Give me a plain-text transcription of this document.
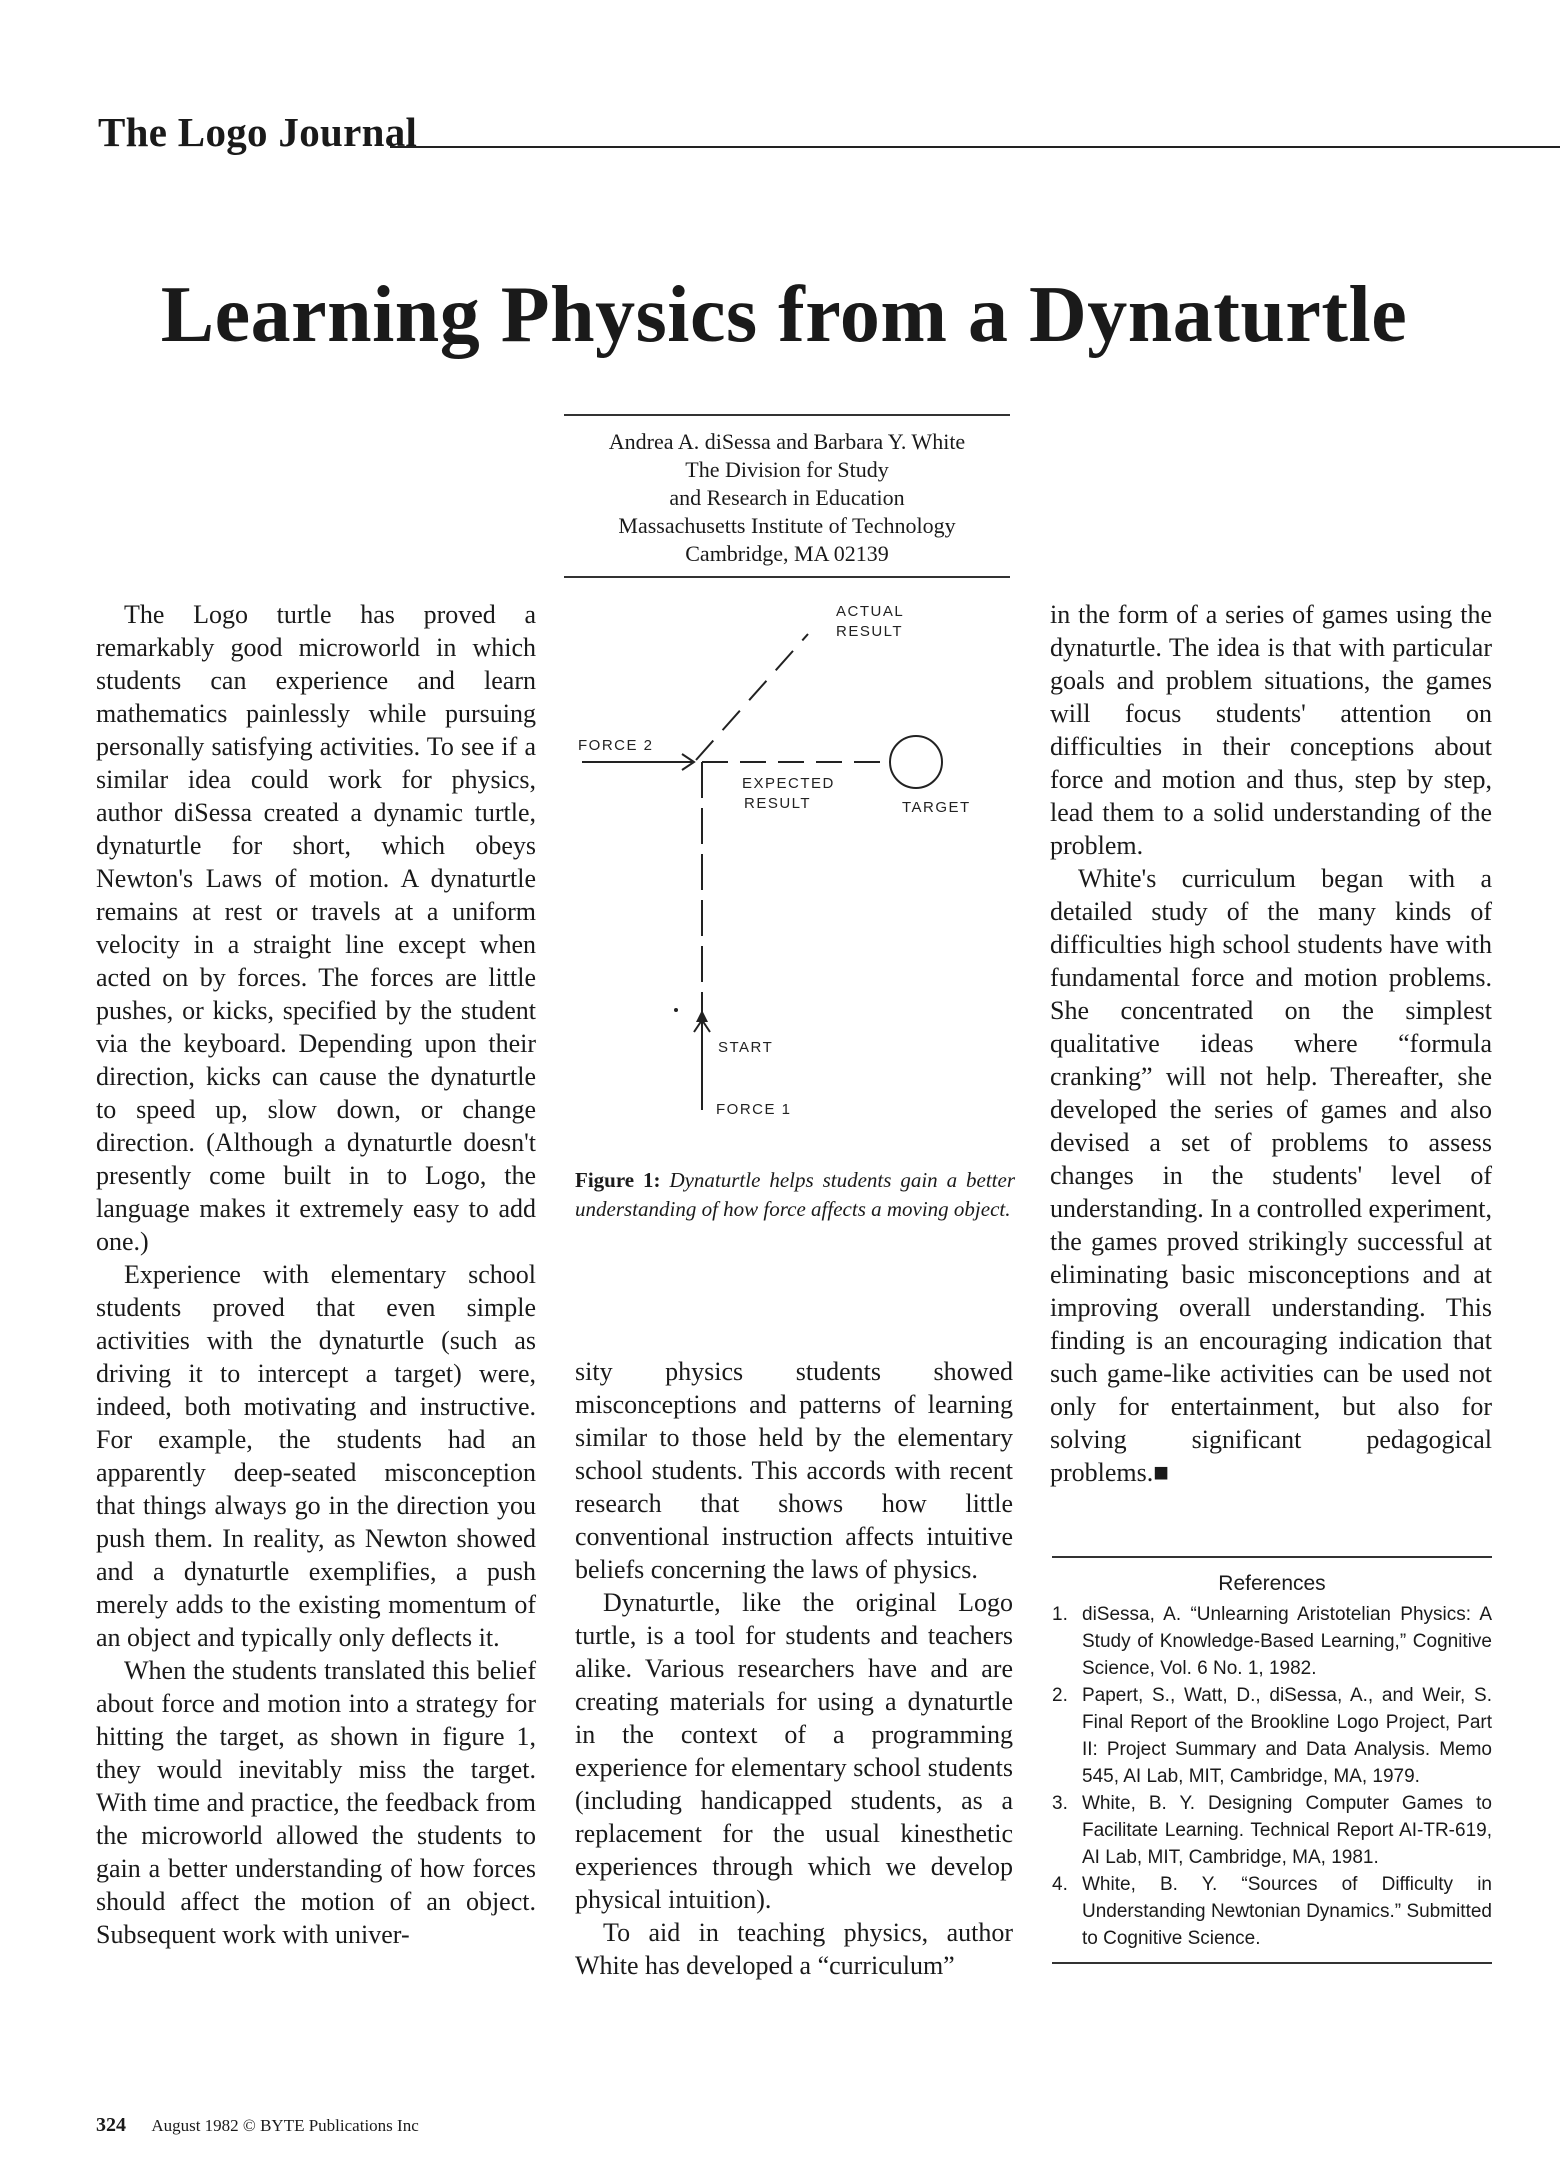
The Logo Journal
Learning Physics from a Dynaturtle
Andrea A. diSessa and Barbara Y. White
The Division for Study
and Research in Education
Massachusetts Institute of Technology
Cambridge, MA 02139

The Logo turtle has proved a remarkably good microworld in which students can experience and learn mathematics painlessly while pursuing personally satisfying activities. To see if a similar idea could work for physics, author diSessa created a dynamic turtle, dynaturtle for short, which obeys Newton's Laws of motion. A dynaturtle remains at rest or travels at a uniform velocity in a straight line except when acted on by forces. The forces are little pushes, or kicks, specified by the student via the keyboard. Depending upon their direction, kicks can cause the dynaturtle to speed up, slow down, or change direction. (Although a dynaturtle doesn't presently come built in to Logo, the language makes it extremely easy to add one.)

Experience with elementary school students proved that even simple activities with the dynaturtle (such as driving it to intercept a target) were, indeed, both motivating and instructive. For example, the students had an apparently deep-seated misconception that things always go in the direction you push them. In reality, as Newton showed and a dynaturtle exemplifies, a push merely adds to the existing momentum of an object and typically only deflects it.

When the students translated this belief about force and motion into a strategy for hitting the target, as shown in figure 1, they would inevitably miss the target. With time and practice, the feedback from the microworld allowed the students to gain a better understanding of how forces should affect the motion of an object. Subsequent work with univer-

ACTUAL
RESULT
FORCE 2
EXPECTED
RESULT	TARGET
START
FORCE 1
Figure 1: Dynaturtle helps students gain a better understanding of how force affects a moving object.

sity physics students showed misconceptions and patterns of learning similar to those held by the elementary school students. This accords with recent research that shows how little conventional instruction affects intuitive beliefs concerning the laws of physics.

Dynaturtle, like the original Logo turtle, is a tool for students and teachers alike. Various researchers have and are creating materials for using a dynaturtle in the context of a programming experience for elementary school students (including handicapped students, as a replacement for the usual kinesthetic experiences through which we develop physical intuition).

To aid in teaching physics, author White has developed a “curriculum”

in the form of a series of games using the dynaturtle. The idea is that with particular goals and problem situations, the games will focus students' attention on difficulties in their conceptions about force and motion and thus, step by step, lead them to a solid understanding of the problem.

White's curriculum began with a detailed study of the many kinds of difficulties high school students have with fundamental force and motion problems. She concentrated on the simplest qualitative ideas where “formula cranking” will not help. Thereafter, she developed the series of games and also devised a set of problems to assess changes in the students' level of understanding. In a controlled experiment, the games proved strikingly successful at eliminating basic misconceptions and at improving overall understanding. This finding is an encouraging indication that such game-like activities can be used not only for entertainment, but also for solving significant pedagogical problems.■

References
1. diSessa, A. “Unlearning Aristotelian Physics: A Study of Knowledge-Based Learning,” Cognitive Science, Vol. 6 No. 1, 1982.
2. Papert, S., Watt, D., diSessa, A., and Weir, S. Final Report of the Brookline Logo Project, Part II: Project Summary and Data Analysis. Memo 545, AI Lab, MIT, Cambridge, MA, 1979.
3. White, B. Y. Designing Computer Games to Facilitate Learning. Technical Report AI-TR-619, AI Lab, MIT, Cambridge, MA, 1981.
4. White, B. Y. “Sources of Difficulty in Understanding Newtonian Dynamics.” Submitted to Cognitive Science.
324 August 1982 © BYTE Publications Inc
